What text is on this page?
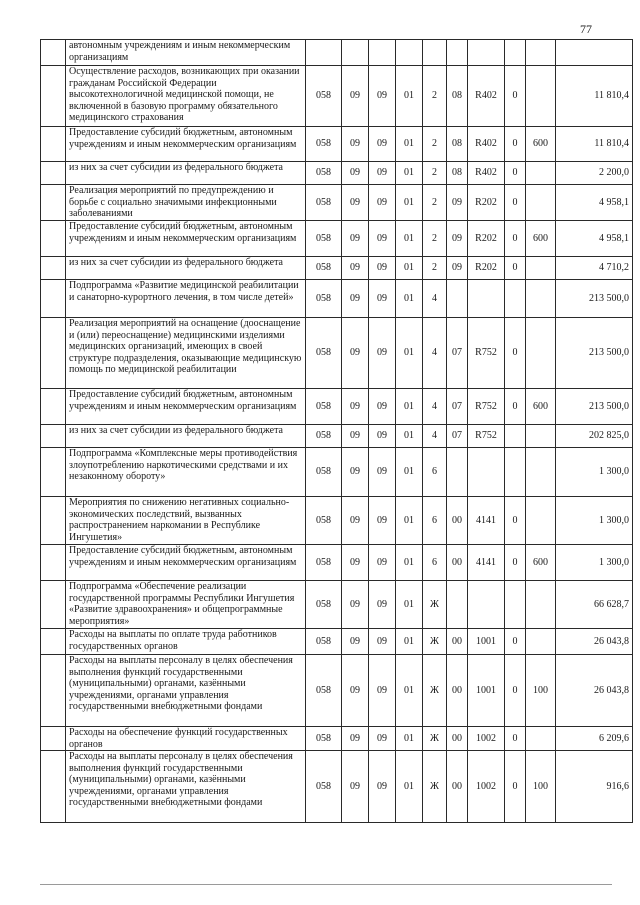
77
	автономным учреждениям и иным некоммерческим организациям										
	Осуществление расходов, возникающих при оказании гражданам Российской Федерации высокотехнологичной медицинской помощи, не включенной в базовую программу обязательного медицинского страхования	058	09	09	01	2	08	R402	0		11 810,4
	Предоставление субсидий бюджетным, автономным учреждениям и иным некоммерческим организациям	058	09	09	01	2	08	R402	0	600	11 810,4
	из них за счет субсидии из федерального бюджета	058	09	09	01	2	08	R402	0		2 200,0
	Реализация мероприятий по предупреждению и борьбе с социально значимыми инфекционными заболеваниями	058	09	09	01	2	09	R202	0		4 958,1
	Предоставление субсидий бюджетным, автономным учреждениям и иным некоммерческим организациям	058	09	09	01	2	09	R202	0	600	4 958,1
	из них за счет субсидии из федерального бюджета	058	09	09	01	2	09	R202	0		4 710,2
	Подпрограмма «Развитие медицинской реабилитации и санаторно-курортного лечения, в том числе детей»	058	09	09	01	4					213 500,0
	Реализация мероприятий на оснащение (дооснащение и (или) переоснащение) медицинскими изделиями медицинских организаций, имеющих в своей структуре подразделения, оказывающие медицинскую помощь по медицинской реабилитации	058	09	09	01	4	07	R752	0		213 500,0
	Предоставление субсидий бюджетным, автономным учреждениям и иным некоммерческим организациям	058	09	09	01	4	07	R752	0	600	213 500,0
	из них за счет субсидии из федерального бюджета	058	09	09	01	4	07	R752			202 825,0
	Подпрограмма «Комплексные меры противодействия злоупотреблению наркотическими средствами и их незаконному обороту»	058	09	09	01	6					1 300,0
	Мероприятия по снижению негативных социально-экономических последствий, вызванных распространением наркомании в Республике Ингушетия»	058	09	09	01	6	00	4141	0		1 300,0
	Предоставление субсидий бюджетным, автономным учреждениям и иным некоммерческим организациям	058	09	09	01	6	00	4141	0	600	1 300,0
	Подпрограмма «Обеспечение реализации государственной программы Республики Ингушетия «Развитие здравоохранения» и общепрограммные мероприятия»	058	09	09	01	Ж					66 628,7
	Расходы на выплаты по оплате труда работников государственных органов	058	09	09	01	Ж	00	1001	0		26 043,8
	Расходы на выплаты персоналу в целях обеспечения выполнения функций государственными (муниципальными) органами, казёнными учреждениями, органами управления государственными внебюджетными фондами	058	09	09	01	Ж	00	1001	0	100	26 043,8
	Расходы на обеспечение функций государственных органов	058	09	09	01	Ж	00	1002	0		6 209,6
	Расходы на выплаты персоналу в целях обеспечения выполнения функций государственными (муниципальными) органами, казёнными учреждениями, органами управления государственными внебюджетными фондами	058	09	09	01	Ж	00	1002	0	100	916,6
